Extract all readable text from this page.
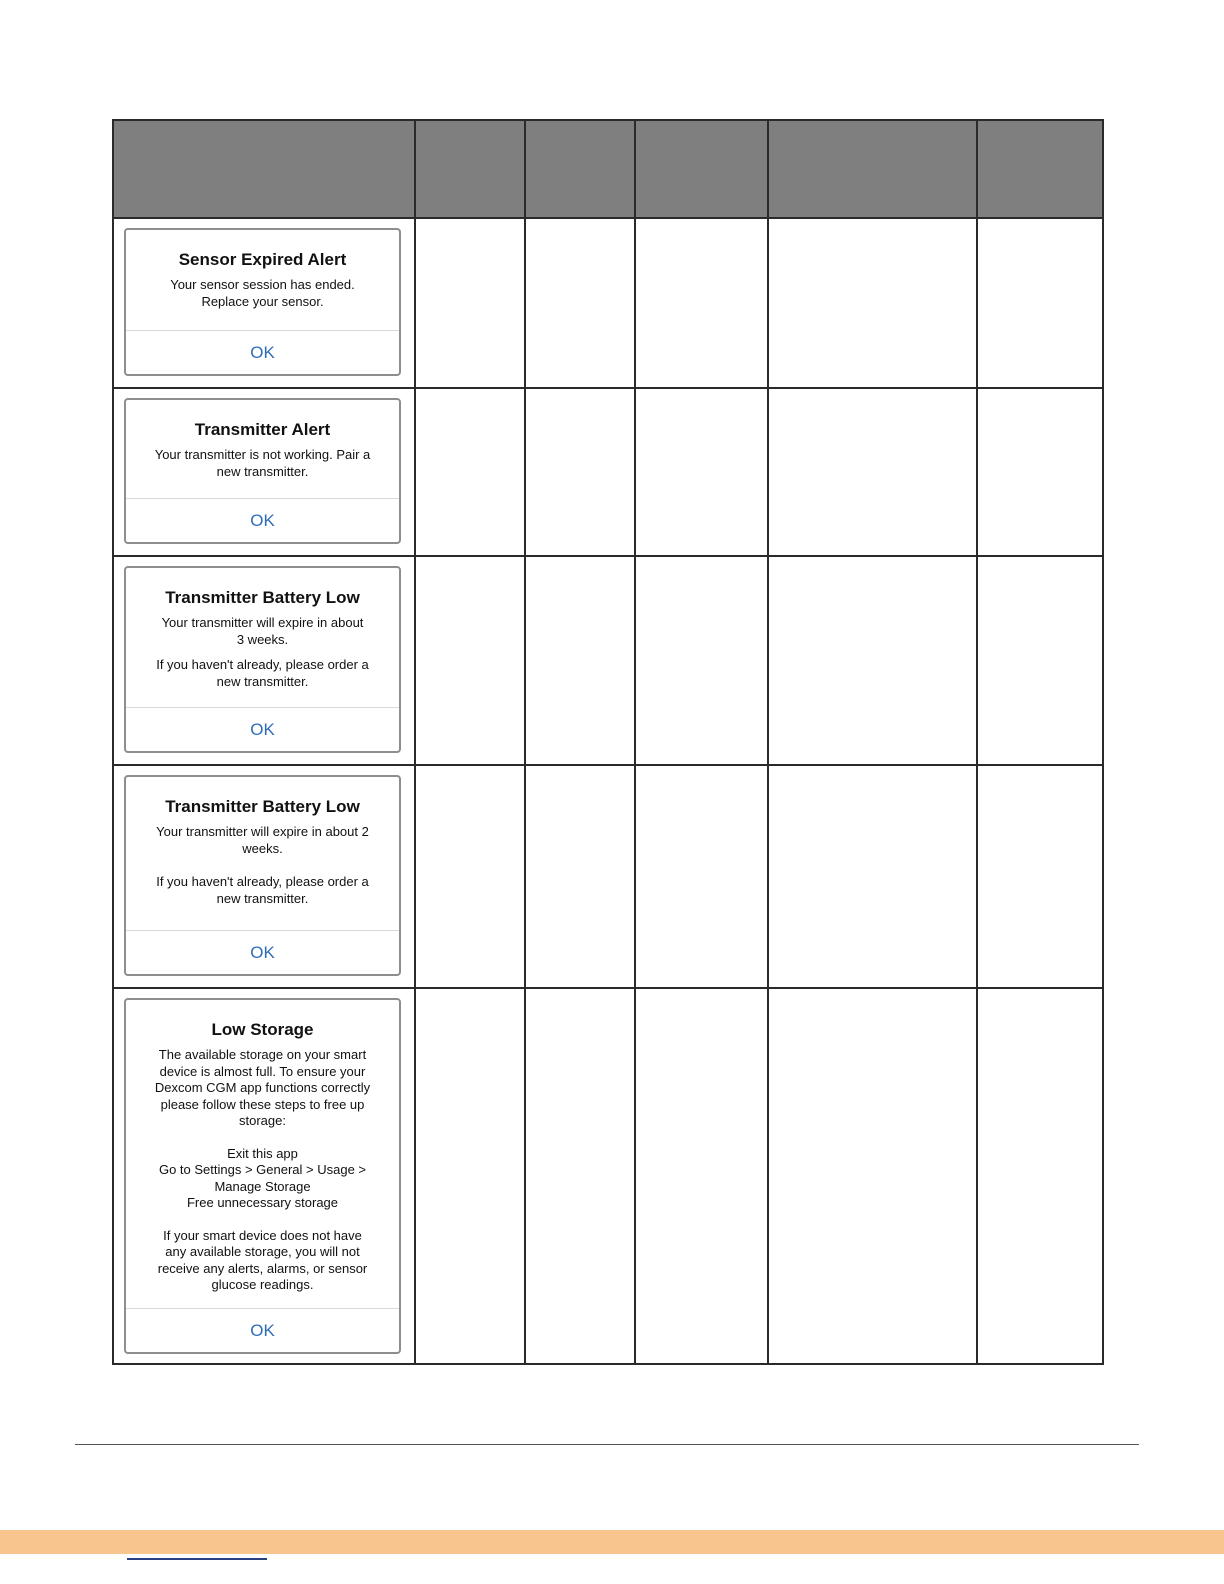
Sensor Expired Alert
Your sensor session has ended.
Replace your sensor.
OK
Transmitter Alert
Your transmitter is not working. Pair a
new transmitter.
OK
Transmitter Battery Low
Your transmitter will expire in about
3 weeks.
If you haven't already, please order a
new transmitter.
OK
Transmitter Battery Low
Your transmitter will expire in about 2
weeks.
If you haven't already, please order a
new transmitter.
OK
Low Storage
The available storage on your smart
device is almost full. To ensure your
Dexcom CGM app functions correctly
please follow these steps to free up
storage:
Exit this app
Go to Settings > General > Usage >
Manage Storage
Free unnecessary storage
If your smart device does not have
any available storage, you will not
receive any alerts, alarms, or sensor
glucose readings.
OK
